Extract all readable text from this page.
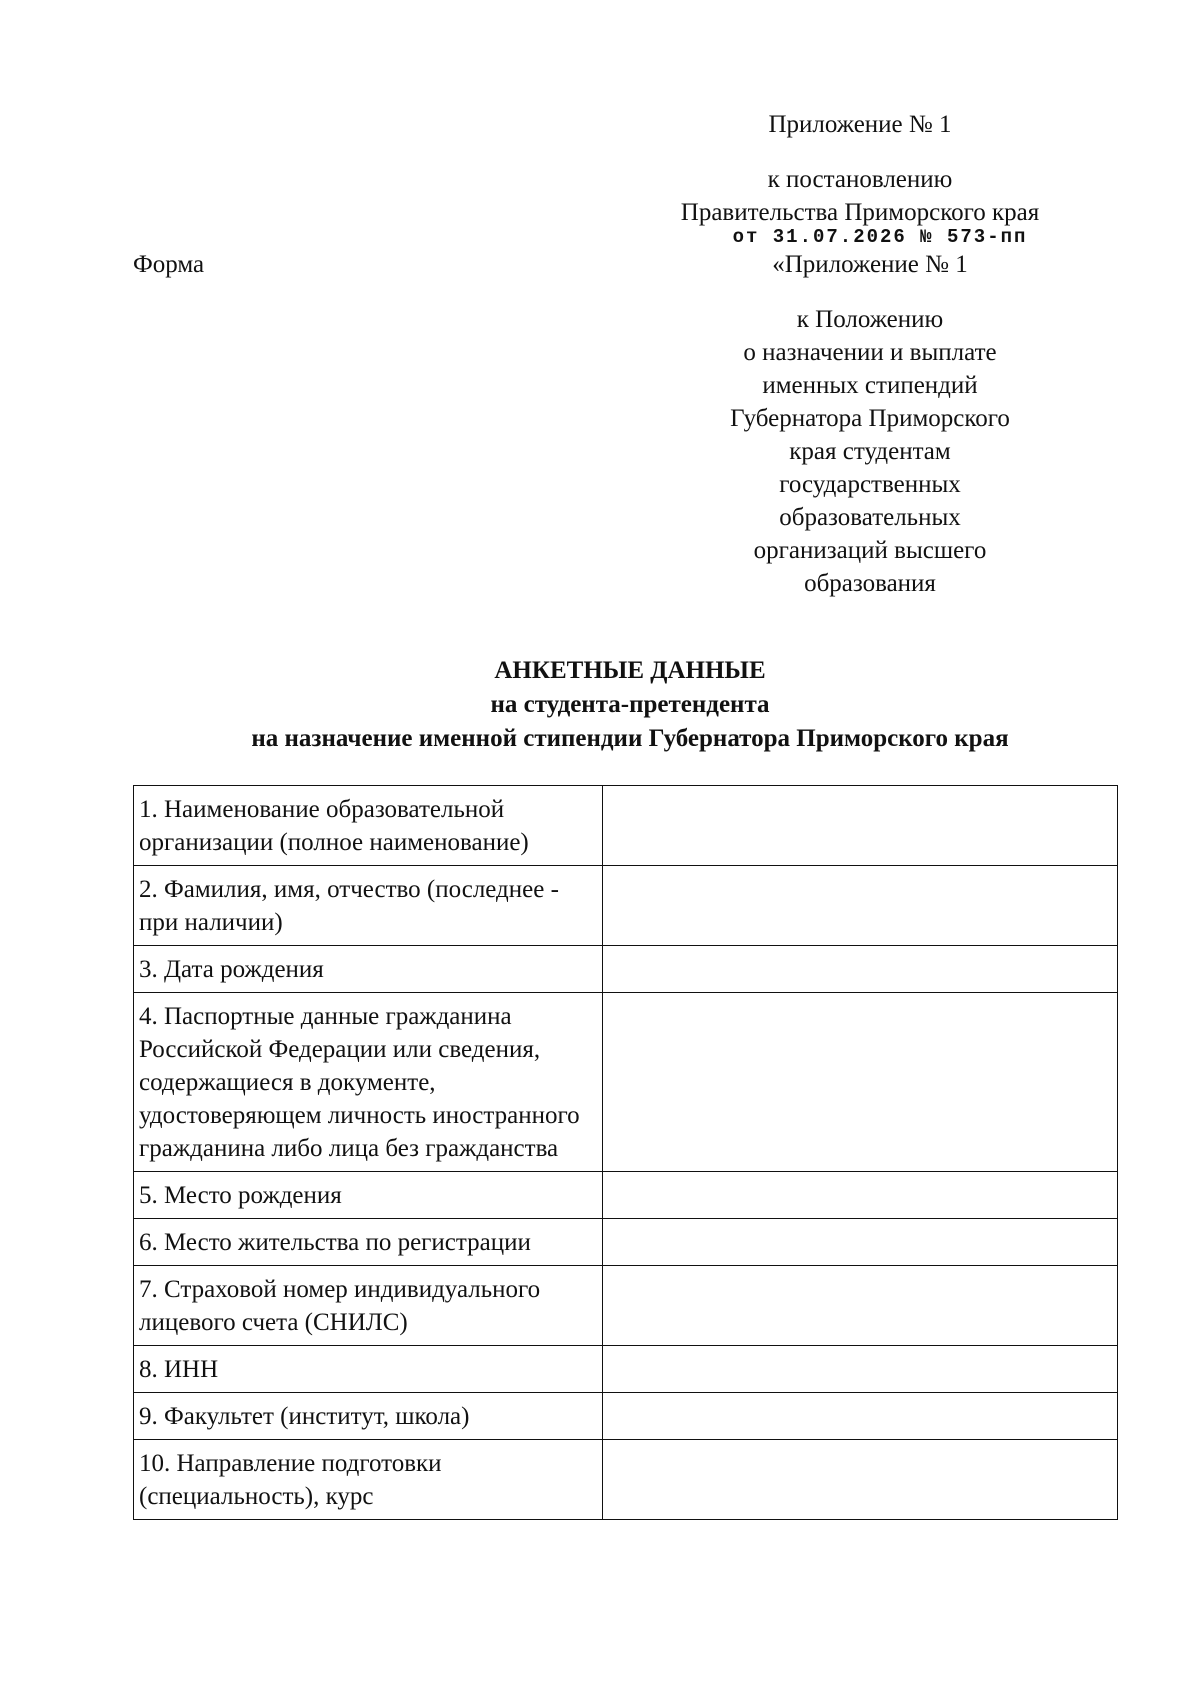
Приложение № 1
к постановлению
Правительства Приморского края
от 31.07.2026 № 573-пп
Форма	«Приложение № 1
к Положению
о назначении и выплате
именных стипендий
Губернатора Приморского
края студентам
государственных
образовательных
организаций высшего
образования
АНКЕТНЫЕ ДАННЫЕ
на студента-претендента
на назначение именной стипендии Губернатора Приморского края
1. Наименование образовательной организации (полное наименование)	
2. Фамилия, имя, отчество (последнее - при наличии)	
3. Дата рождения	
4. Паспортные данные гражданина Российской Федерации или сведения, содержащиеся в документе, удостоверяющем личность иностранного гражданина либо лица без гражданства	
5. Место рождения	
6. Место жительства по регистрации	
7. Страховой номер индивидуального лицевого счета (СНИЛС)	
8. ИНН	
9. Факультет (институт, школа)	
10. Направление подготовки (специальность), курс	
